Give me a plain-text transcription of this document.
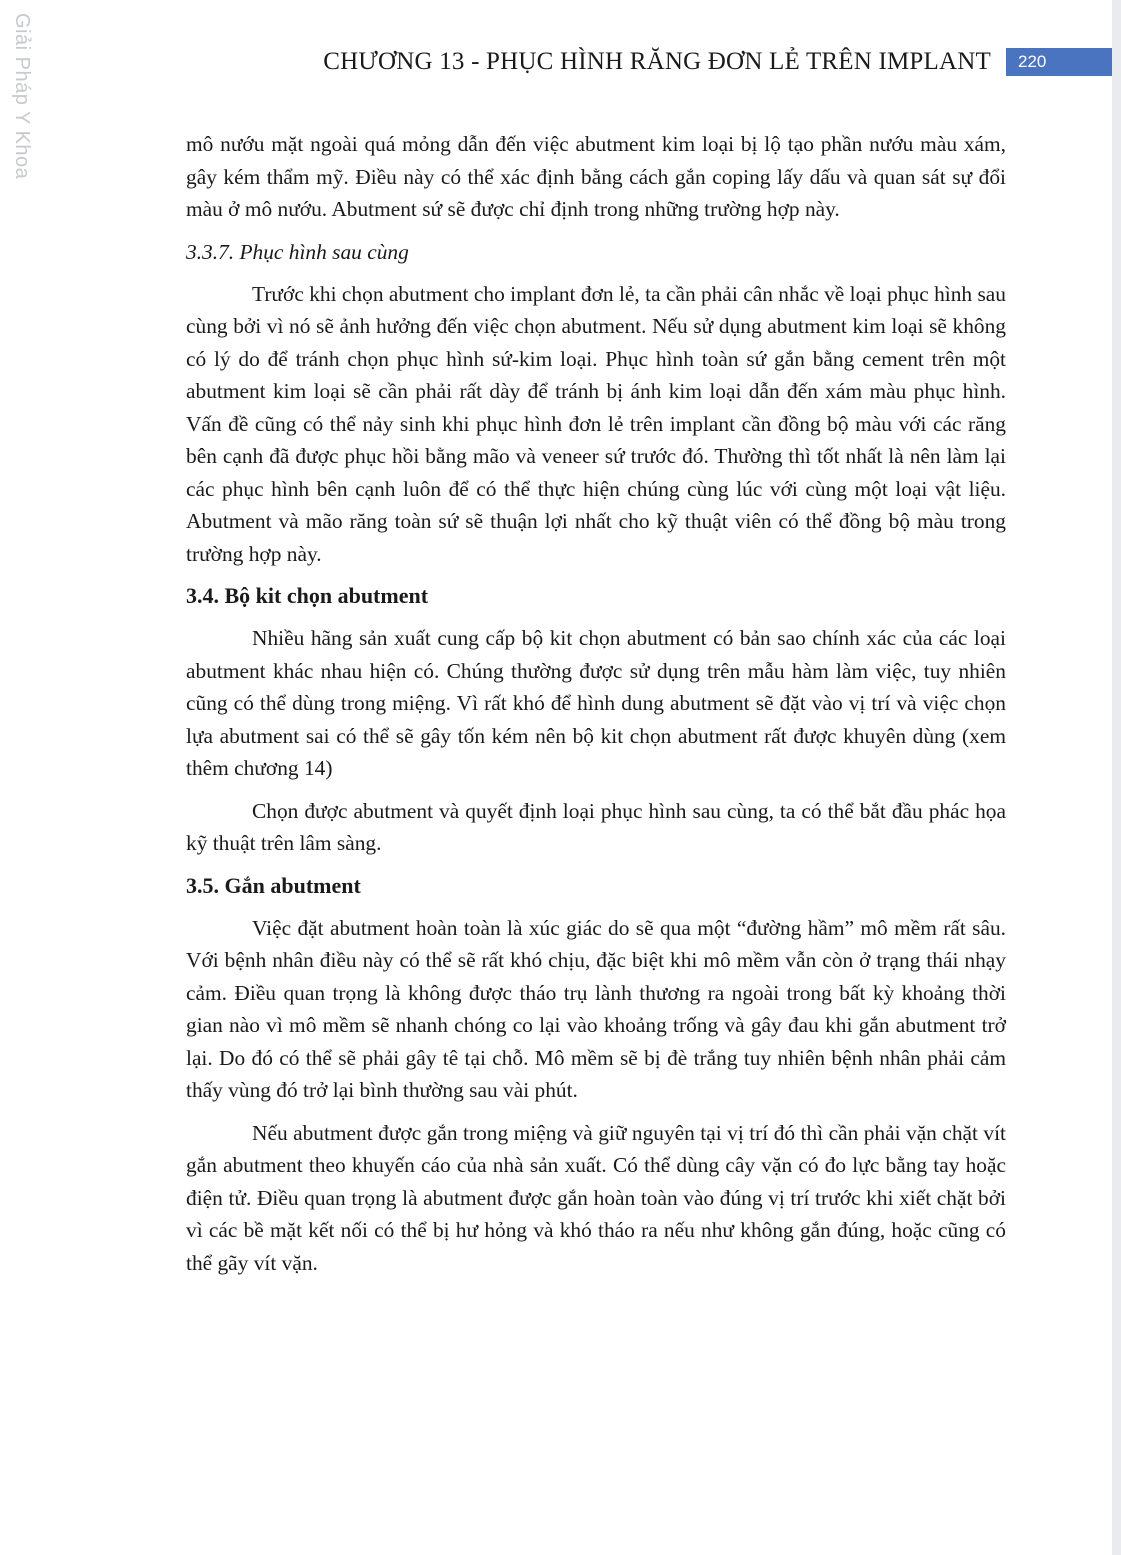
Giải Pháp Y Khoa	CHƯƠNG 13 - PHỤC HÌNH RĂNG ĐƠN LẺ TRÊN IMPLANT	220

mô nướu mặt ngoài quá mỏng dẫn đến việc abutment kim loại bị lộ tạo phần nướu màu xám, gây kém thẩm mỹ. Điều này có thể xác định bằng cách gắn coping lấy dấu và quan sát sự đổi màu ở mô nướu. Abutment sứ sẽ được chỉ định trong những trường hợp này.

3.3.7. Phục hình sau cùng

Trước khi chọn abutment cho implant đơn lẻ, ta cần phải cân nhắc về loại phục hình sau cùng bởi vì nó sẽ ảnh hưởng đến việc chọn abutment. Nếu sử dụng abutment kim loại sẽ không có lý do để tránh chọn phục hình sứ-kim loại. Phục hình toàn sứ gắn bằng cement trên một abutment kim loại sẽ cần phải rất dày để tránh bị ánh kim loại dẫn đến xám màu phục hình. Vấn đề cũng có thể nảy sinh khi phục hình đơn lẻ trên implant cần đồng bộ màu với các răng bên cạnh đã được phục hồi bằng mão và veneer sứ trước đó. Thường thì tốt nhất là nên làm lại các phục hình bên cạnh luôn để có thể thực hiện chúng cùng lúc với cùng một loại vật liệu. Abutment và mão răng toàn sứ sẽ thuận lợi nhất cho kỹ thuật viên có thể đồng bộ màu trong trường hợp này.

3.4. Bộ kit chọn abutment

Nhiều hãng sản xuất cung cấp bộ kit chọn abutment có bản sao chính xác của các loại abutment khác nhau hiện có. Chúng thường được sử dụng trên mẫu hàm làm việc, tuy nhiên cũng có thể dùng trong miệng. Vì rất khó để hình dung abutment sẽ đặt vào vị trí và việc chọn lựa abutment sai có thể sẽ gây tốn kém nên bộ kit chọn abutment rất được khuyên dùng (xem thêm chương 14)

Chọn được abutment và quyết định loại phục hình sau cùng, ta có thể bắt đầu phác họa kỹ thuật trên lâm sàng.

3.5. Gắn abutment

Việc đặt abutment hoàn toàn là xúc giác do sẽ qua một “đường hầm” mô mềm rất sâu. Với bệnh nhân điều này có thể sẽ rất khó chịu, đặc biệt khi mô mềm vẫn còn ở trạng thái nhạy cảm. Điều quan trọng là không được tháo trụ lành thương ra ngoài trong bất kỳ khoảng thời gian nào vì mô mềm sẽ nhanh chóng co lại vào khoảng trống và gây đau khi gắn abutment trở lại. Do đó có thể sẽ phải gây tê tại chỗ. Mô mềm sẽ bị đè trắng tuy nhiên bệnh nhân phải cảm thấy vùng đó trở lại bình thường sau vài phút.

Nếu abutment được gắn trong miệng và giữ nguyên tại vị trí đó thì cần phải vặn chặt vít gắn abutment theo khuyến cáo của nhà sản xuất. Có thể dùng cây vặn có đo lực bằng tay hoặc điện tử. Điều quan trọng là abutment được gắn hoàn toàn vào đúng vị trí trước khi xiết chặt bởi vì các bề mặt kết nối có thể bị hư hỏng và khó tháo ra nếu như không gắn đúng, hoặc cũng có thể gãy vít vặn.
